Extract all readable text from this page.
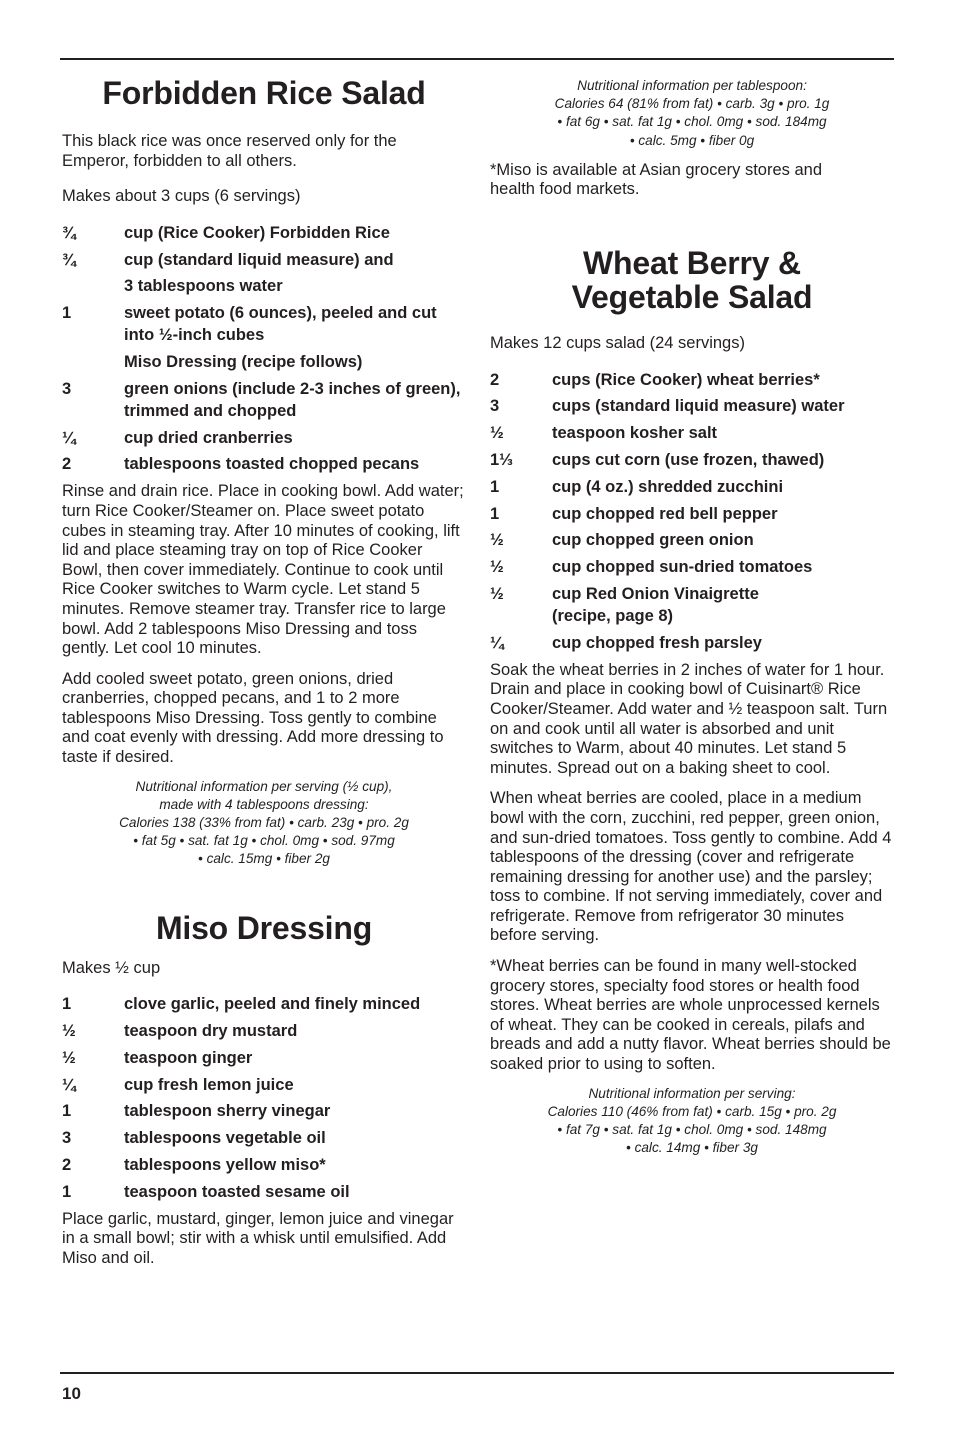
Forbidden Rice Salad

This black rice was once reserved only for the Emperor, forbidden to all others.

Makes about 3 cups (6 servings)

¾	cup (Rice Cooker) Forbidden Rice
¾	cup (standard liquid measure) and
3 tablespoons water
1	sweet potato (6 ounces), peeled and cut into ½-inch cubes
Miso Dressing (recipe follows)
3	green onions (include 2-3 inches of green), trimmed and chopped
¼	cup dried cranberries
2	tablespoons toasted chopped pecans

Rinse and drain rice. Place in cooking bowl. Add water; turn Rice Cooker/Steamer on. Place sweet potato cubes in steaming tray. After 10 minutes of cooking, lift lid and place steaming tray on top of Rice Cooker Bowl, then cover immediately. Continue to cook until Rice Cooker switches to Warm cycle. Let stand 5 minutes. Remove steamer tray. Transfer rice to large bowl. Add 2 tablespoons Miso Dressing and toss gently. Let cool 10 minutes.

Add cooled sweet potato, green onions, dried cranberries, chopped pecans, and 1 to 2 more tablespoons Miso Dressing. Toss gently to combine and coat evenly with dressing. Add more dressing to taste if desired.

Nutritional information per serving (½ cup),

made with 4 tablespoons dressing:

Calories 138 (33% from fat) • carb. 23g • pro. 2g

• fat 5g • sat. fat 1g • chol. 0mg • sod. 97mg

• calc. 15mg • fiber 2g

Miso Dressing

Makes ½ cup

1	clove garlic, peeled and finely minced
½	teaspoon dry mustard
½	teaspoon ginger
¼	cup fresh lemon juice
1	tablespoon sherry vinegar
3	tablespoons vegetable oil
2	tablespoons yellow miso*
1	teaspoon toasted sesame oil

Place garlic, mustard, ginger, lemon juice and vinegar in a small bowl; stir with a whisk until emulsified. Add Miso and oil.

Nutritional information per tablespoon:

Calories 64 (81% from fat) • carb. 3g • pro. 1g

• fat 6g • sat. fat 1g • chol. 0mg • sod. 184mg

• calc. 5mg • fiber 0g

*Miso is available at Asian grocery stores and health food markets.

Wheat Berry &
Vegetable Salad

Makes 12 cups salad (24 servings)

2	cups (Rice Cooker) wheat berries*
3	cups (standard liquid measure) water
½	teaspoon kosher salt
1⅓	cups cut corn (use frozen, thawed)
1	cup (4 oz.) shredded zucchini
1	cup chopped red bell pepper
½	cup chopped green onion
½	cup chopped sun-dried tomatoes
½	cup Red Onion Vinaigrette (recipe, page 8)
¼	cup chopped fresh parsley

Soak the wheat berries in 2 inches of water for 1 hour. Drain and place in cooking bowl of Cuisinart® Rice Cooker/Steamer. Add water and ½ teaspoon salt. Turn on and cook until all water is absorbed and unit switches to Warm, about 40 minutes. Let stand 5 minutes. Spread out on a baking sheet to cool.

When wheat berries are cooled, place in a medium bowl with the corn, zucchini, red pepper, green onion, and sun-dried tomatoes. Toss gently to combine. Add 4 tablespoons of the dressing (cover and refrigerate remaining dressing for another use) and the parsley; toss to combine. If not serving immediately, cover and refrigerate. Remove from refrigerator 30 minutes before serving.

*Wheat berries can be found in many well-stocked grocery stores, specialty food stores or health food stores. Wheat berries are whole unprocessed kernels of wheat. They can be cooked in cereals, pilafs and breads and add a nutty flavor. Wheat berries should be soaked prior to using to soften.

Nutritional information per serving:

Calories 110 (46% from fat) • carb. 15g • pro. 2g

• fat 7g • sat. fat 1g • chol. 0mg • sod. 148mg

• calc. 14mg • fiber 3g

10
